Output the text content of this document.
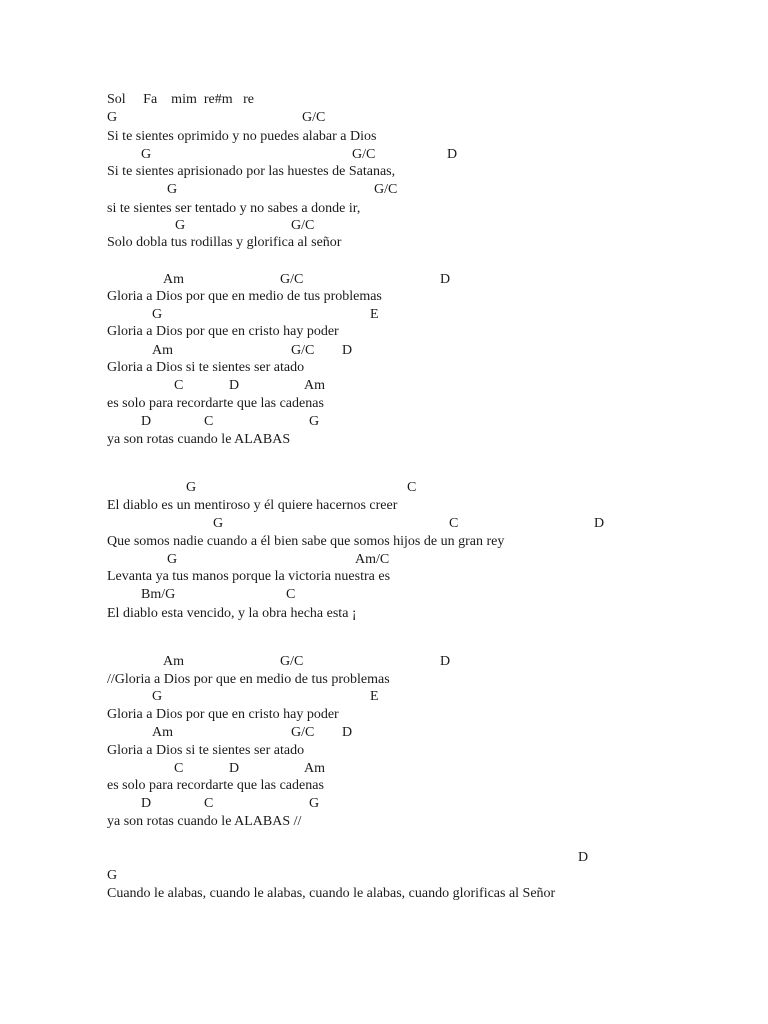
Sol     Fa    mim  re#m   re
G	G/C
Si te sientes oprimido y no puedes alabar a Dios
G	G/C	D
Si te sientes aprisionado por las huestes de Satanas,
G	G/C
si te sientes ser tentado y no sabes a donde ir,
G	G/C
Solo dobla tus rodillas y glorifica al señor
Am	G/C	D
Gloria a Dios por que en medio de tus problemas
G	E
Gloria a Dios por que en cristo hay poder
Am	G/C D
Gloria a Dios si te sientes ser atado
C	D	Am
es solo para recordarte que las cadenas
D	C	G
ya son rotas cuando le ALABAS
G	C
El diablo es un mentiroso y él quiere hacernos creer
G	C	D
Que somos nadie cuando a él bien sabe que somos hijos de un gran rey
G	Am/C
Levanta ya tus manos porque la victoria nuestra es
Bm/G	C
El diablo esta vencido, y la obra hecha esta ¡
Am	G/C	D
//Gloria a Dios por que en medio de tus problemas
G	E
Gloria a Dios por que en cristo hay poder
Am	G/C D
Gloria a Dios si te sientes ser atado
C	D	Am
es solo para recordarte que las cadenas
D	C	G
ya son rotas cuando le ALABAS //
D
G
Cuando le alabas, cuando le alabas, cuando le alabas, cuando glorificas al Señor
